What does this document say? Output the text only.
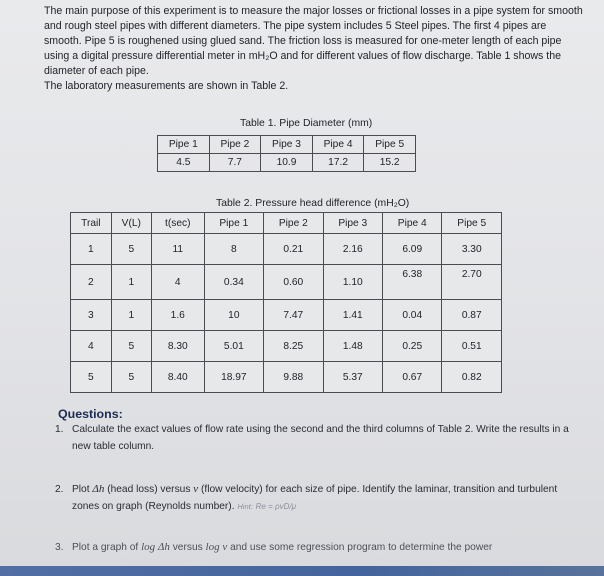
The main purpose of this experiment is to measure the major losses or frictional losses in a pipe system for smooth and rough steel pipes with different diameters. The pipe system includes 5 Steel pipes. The first 4 pipes are smooth. Pipe 5 is roughened using glued sand. The friction loss is measured for one-meter length of each pipe using a digital pressure differential meter in mH₂O and for different values of flow discharge. Table 1 shows the diameter of each pipe.
The laboratory measurements are shown in Table 2.
Table 1. Pipe Diameter (mm)
Pipe 1	Pipe 2	Pipe 3	Pipe 4	Pipe 5
4.5	7.7	10.9	17.2	15.2
Table 2. Pressure head difference (mH₂O)
Trail	V(L)	t(sec)	Pipe 1	Pipe 2	Pipe 3	Pipe 4	Pipe 5
1	5	11	8	0.21	2.16	6.09	3.30
2	1	4	0.34	0.60	1.10	6.38	2.70
3	1	1.6	10	7.47	1.41	0.04	0.87
4	5	8.30	5.01	8.25	1.48	0.25	0.51
5	5	8.40	18.97	9.88	5.37	0.67	0.82
Questions:
1. Calculate the exact values of flow rate using the second and the third columns of Table 2. Write the results in a new table column.
2. Plot Δh (head loss) versus v (flow velocity) for each size of pipe. Identify the laminar, transition and turbulent zones on graph (Reynolds number). Hint: Re = ρvD/μ
3. Plot a graph of log Δh versus log v and use some regression program to determine the power
